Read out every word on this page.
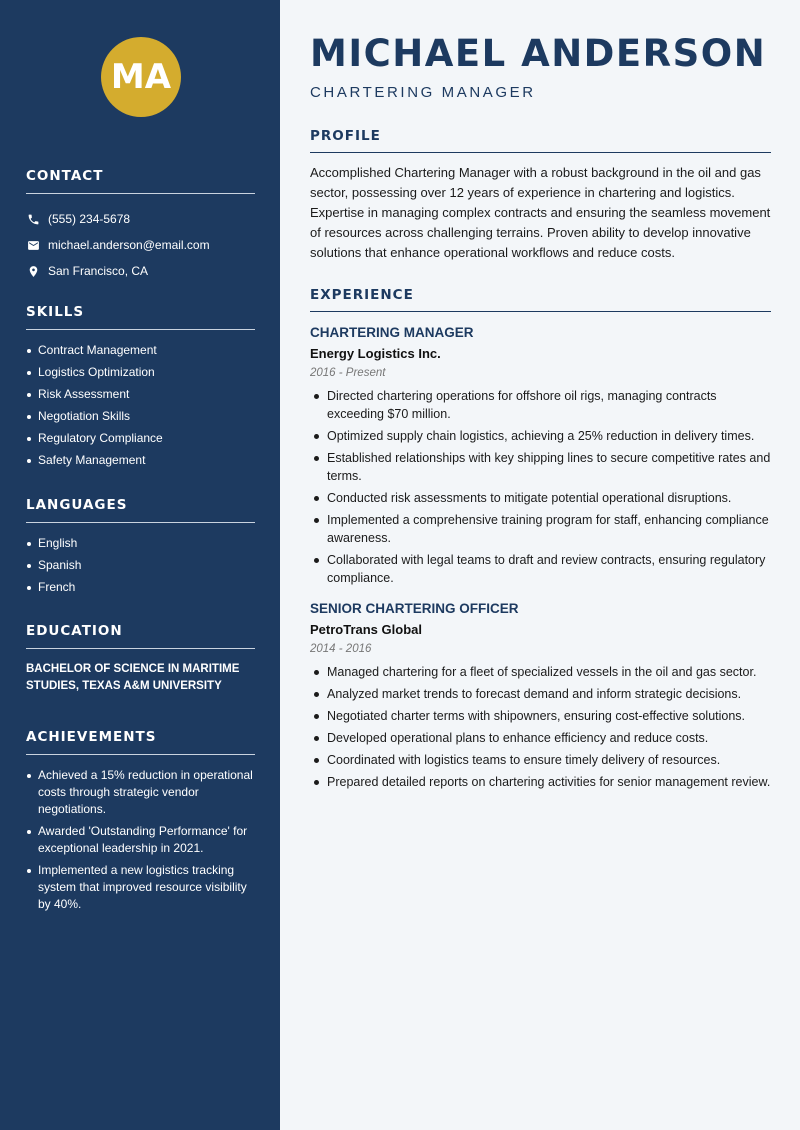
MA
CONTACT
(555) 234-5678
michael.anderson@email.com
San Francisco, CA
SKILLS
Contract Management
Logistics Optimization
Risk Assessment
Negotiation Skills
Regulatory Compliance
Safety Management
LANGUAGES
English
Spanish
French
EDUCATION
BACHELOR OF SCIENCE IN MARITIME STUDIES, TEXAS A&M UNIVERSITY
ACHIEVEMENTS
Achieved a 15% reduction in operational costs through strategic vendor negotiations.
Awarded 'Outstanding Performance' for exceptional leadership in 2021.
Implemented a new logistics tracking system that improved resource visibility by 40%.
MICHAEL ANDERSON
CHARTERING MANAGER
PROFILE
Accomplished Chartering Manager with a robust background in the oil and gas sector, possessing over 12 years of experience in chartering and logistics. Expertise in managing complex contracts and ensuring the seamless movement of resources across challenging terrains. Proven ability to develop innovative solutions that enhance operational workflows and reduce costs.
EXPERIENCE
CHARTERING MANAGER
Energy Logistics Inc.
2016 - Present
Directed chartering operations for offshore oil rigs, managing contracts exceeding $70 million.
Optimized supply chain logistics, achieving a 25% reduction in delivery times.
Established relationships with key shipping lines to secure competitive rates and terms.
Conducted risk assessments to mitigate potential operational disruptions.
Implemented a comprehensive training program for staff, enhancing compliance awareness.
Collaborated with legal teams to draft and review contracts, ensuring regulatory compliance.
SENIOR CHARTERING OFFICER
PetroTrans Global
2014 - 2016
Managed chartering for a fleet of specialized vessels in the oil and gas sector.
Analyzed market trends to forecast demand and inform strategic decisions.
Negotiated charter terms with shipowners, ensuring cost-effective solutions.
Developed operational plans to enhance efficiency and reduce costs.
Coordinated with logistics teams to ensure timely delivery of resources.
Prepared detailed reports on chartering activities for senior management review.
